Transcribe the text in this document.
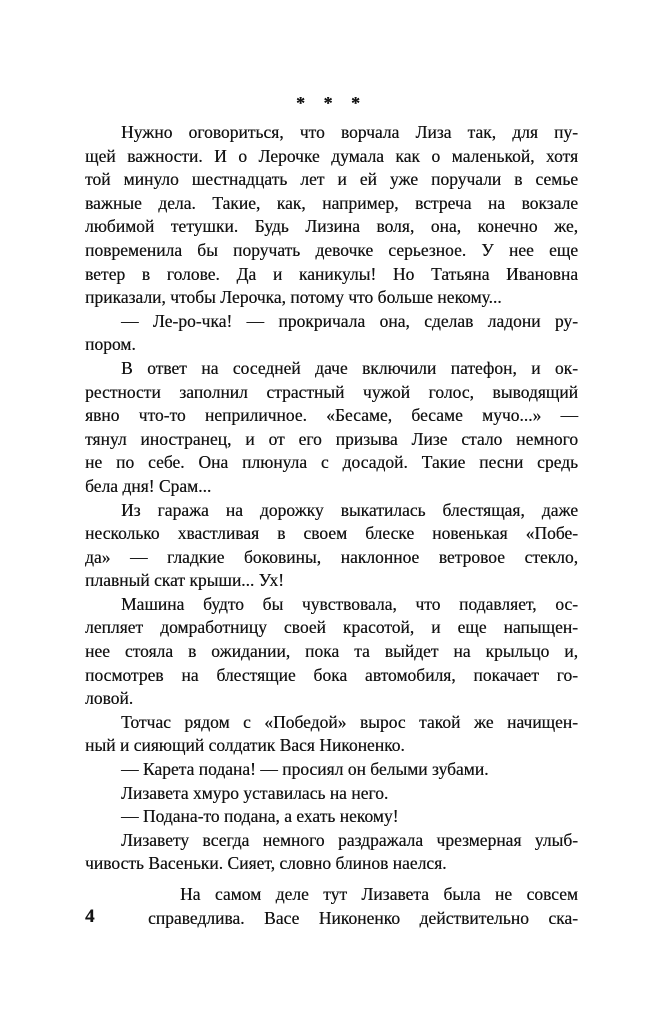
* * *

Нужно оговориться, что ворчала Лиза так, для пу-
щей важности. И о Лерочке думала как о маленькой, хотя
той минуло шестнадцать лет и ей уже поручали в семье
важные дела. Такие, как, например, встреча на вокзале
любимой тетушки. Будь Лизина воля, она, конечно же,
повременила бы поручать девочке серьезное. У нее еще
ветер в голове. Да и каникулы! Но Татьяна Ивановна
приказали, чтобы Лерочка, потому что больше некому...

— Ле-ро-чка! — прокричала она, сделав ладони ру-
пором.

В ответ на соседней даче включили патефон, и ок-
рестности заполнил страстный чужой голос, выводящий
явно что-то неприличное. «Бесаме, бесаме мучо...» —
тянул иностранец, и от его призыва Лизе стало немного
не по себе. Она плюнула с досадой. Такие песни средь
бела дня! Срам...

Из гаража на дорожку выкатилась блестящая, даже
несколько хвастливая в своем блеске новенькая «Побе-
да» — гладкие боковины, наклонное ветровое стекло,
плавный скат крыши... Ух!

Машина будто бы чувствовала, что подавляет, ос-
лепляет домработницу своей красотой, и еще напыщен-
нее стояла в ожидании, пока та выйдет на крыльцо и,
посмотрев на блестящие бока автомобиля, покачает го-
ловой.

Тотчас рядом с «Победой» вырос такой же начищен-
ный и сияющий солдатик Вася Никоненко.

— Карета подана! — просиял он белыми зубами.

Лизавета хмуро уставилась на него.

— Подана-то подана, а ехать некому!

Лизавету всегда немного раздражала чрезмерная улыб-
чивость Васеньки. Сияет, словно блинов наелся.

4
На самом деле тут Лизавета была не совсем
справедлива. Васе Никоненко действительно ска-
